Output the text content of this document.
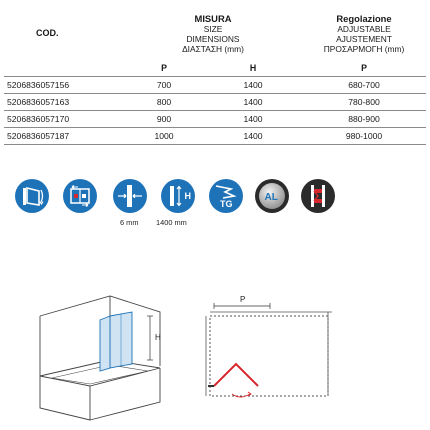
COD.	MISURA
SIZE
DIMENSIONS
ΔΙΑΣΤΑΣΗ (mm)		Regolazione
ADJUSTABLE
AJUSTEMENT
ΠΡΟΣΑΡΜΟΓΗ (mm)

	P	H	P
5206836057156	700	1400	680-700
5206836057163	800	1400	780-800
5206836057170	900	1400	880-900
5206836057187	1000	1400	980-1000
6 mm
H
1400 mm
TG
AL
H
P
